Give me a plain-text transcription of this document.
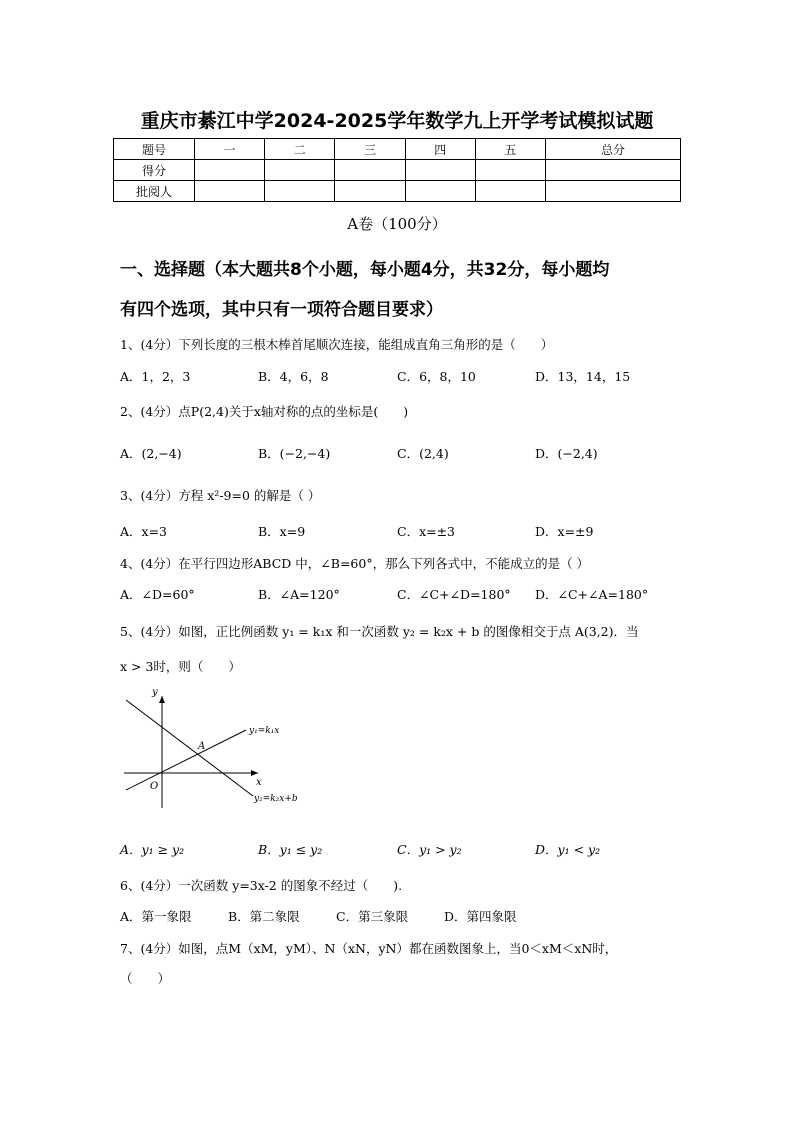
重庆市綦江中学2024-2025学年数学九上开学考试模拟试题
题号	一	二	三	四	五	总分
得分						
批阅人						
A卷（100分）
一、选择题（本大题共8个小题，每小题4分，共32分，每小题均
有四个选项，其中只有一项符合题目要求）
1、(4分）下列长度的三根木棒首尾顺次连接，能组成直角三角形的是（　　）
A．1，2，3	B．4，6，8	C．6，8，10	D．13，14，15
2、(4分）点P(2,4)关于x轴对称的点的坐标是(　　)
A．(2,−4)	B．(−2,−4)	C．(2,4)	D．(−2,4)
3、(4分）方程 x²-9=0 的解是（ ）
A．x=3	B．x=9	C．x=±3	D．x=±9
4、(4分）在平行四边形ABCD 中，∠B=60°，那么下列各式中，不能成立的是（ ）
A．∠D=60°	B．∠A=120°	C．∠C+∠D=180° D．∠C+∠A=180°
5、(4分）如图，正比例函数 y₁ = k₁x 和一次函数 y₂ = k₂x + b 的图像相交于点 A(3,2)．当
x > 3时，则（　　）
y
x
O
A
y₁=k₁x
y₂=k₂x+b
A．y₁ ≥ y₂	B．y₁ ≤ y₂	C．y₁ > y₂	D．y₁ < y₂
6、(4分）一次函数 y=3x-2 的图象不经过（　　).
A．第一象限	B．第二象限	C．第三象限	D．第四象限
7、(4分）如图，点M（xM，yM）、N（xN，yN）都在函数图象上，当0＜xM＜xN时，
（　　）
